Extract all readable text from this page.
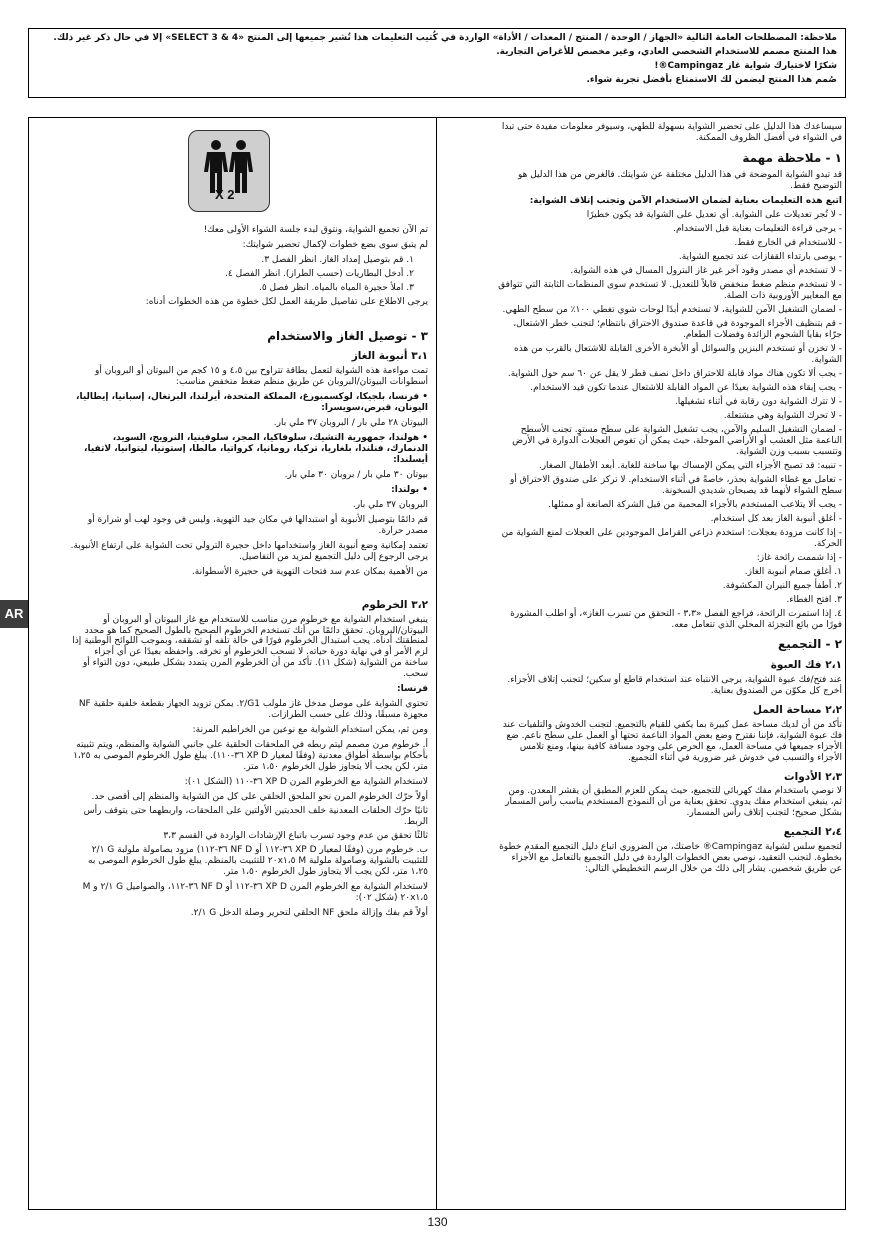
ملاحظة: المصطلحات العامة التالية «الجهاز / الوحدة / المنتج / المعدات / الأداة» الواردة في كُتيب التعليمات هذا تُشير جميعها إلى المنتج «SELECT 3 & 4» إلا في حال ذكر غير ذلك.

هذا المنتج مصمم للاستخدام الشخصي العادي، وغير مخصص للأغراض التجارية.

شكرًا لاختيارك شواية غاز Campingaz®!

صُمم هذا المنتج ليضمن لك الاستمتاع بأفضل تجربة شواء.

سيساعدك هذا الدليل على تحضير الشواية بسهولة للطهي، وسيوفر معلومات مفيدة حتى تبدأ في الشواء في أفضل الظروف الممكنة.

١ - ملاحظة مهمة

قد تبدو الشواية الموضحة في هذا الدليل مختلفة عن شوايتك. فالغرض من هذا الدليل هو التوضيح فقط.

اتبع هذه التعليمات بعناية لضمان الاستخدام الآمن وتجنب إتلاف الشواية:

- لا تُجر تعديلات على الشواية. أي تعديل على الشواية قد يكون خطيرًا

- يرجى قراءة التعليمات بعناية قبل الاستخدام.

- للاستخدام في الخارج فقط.

- يوصى بارتداء القفازات عند تجميع الشواية.

- لا تستخدم أي مصدر وقود آخر غير غاز البترول المسال في هذه الشواية.

- لا تستخدم منظم ضغط منخفض قابلاً للتعديل. لا تستخدم سوى المنظمات الثابتة التي تتوافق مع المعايير الأوروبية ذات الصلة.

- لضمان التشغيل الآمن للشواية، لا تستخدم أبدًا لوحات شوي تغطي ١٠٠٪ من سطح الطهي.

- قم بتنظيف الأجزاء الموجودة في قاعدة صندوق الاحتراق بانتظام؛ لتجنب خطر الاشتعال، جرّاء بقايا الشحوم الزائدة وفضلات الطعام.

- لا تخزن أو تستخدم البنزين والسوائل أو الأبخرة الأخرى القابلة للاشتعال بالقرب من هذه الشواية.

- يجب ألا تكون هناك مواد قابلة للاحتراق داخل نصف قطر لا يقل عن ٦٠ سم حول الشواية.

- يجب إبقاء هذه الشواية بعيدًا عن المواد القابلة للاشتعال عندما تكون قيد الاستخدام.

- لا تترك الشواية دون رقابة في أثناء تشغيلها.

- لا تحرك الشواية وهي مشتعلة.

- لضمان التشغيل السليم والآمن، يجب تشغيل الشواية على سطح مستوٍ. تجنب الأسطح الناعمة مثل العشب أو الأراضي الموحلة، حيث يمكن أن تغوص العجلات الدوارة في الأرض وتتسبب بسبب وزن الشواية.

- تنبيه: قد تصبح الأجزاء التي يمكن الإمساك بها ساخنة للغاية. أبعد الأطفال الصغار.

- تعامل مع غطاء الشواية بحذر، خاصةً في أثناء الاستخدام. لا تركز على صندوق الاحتراق أو سطح الشواء لأنهما قد يصبحان شديدي السخونة.

- يجب ألا يتلاعب المستخدم بالأجزاء المحمية من قبل الشركة الصانعة أو ممثلها.

- أغلق أنبوبة الغاز بعد كل استخدام.

- إذا كانت مزودة بعجلات: استخدم ذراعي القرامل الموجودين على العجلات لمنع الشواية من الحركة.

- إذا شممت رائحة غاز:

١. أغلق صمام أنبوبة الغاز.

٢. أطفأ جميع النيران المكشوفة.

٣. افتح الغطاء.

٤. إذا استمرت الرائحة، فراجع الفصل «٣،٣ - التحقق من تسرب الغاز»، أو اطلب المشورة فورًا من بائع التجزئة المحلي الذي تتعامل معه.

٢ - التجميع

٢،١ فك العبوة

عند فتح/فك عبوة الشواية، يرجى الانتباه عند استخدام قاطع أو سكين؛ لتجنب إتلاف الأجزاء. أخرج كل مكوّن من الصندوق بعناية.

٢،٢ مساحة العمل

تأكد من أن لديك مساحة عمل كبيرة بما يكفي للقيام بالتجميع. لتجنب الخدوش والتلفيات عند فك عبوة الشواية، فإننا نقترح وضع بعض المواد الناعمة تحتها أو العمل على سطح ناعم. ضع الأجزاء جميعها في مساحة العمل، مع الحرص على وجود مسافة كافية بينها، ومنع تلامس الأجزاء والتسبب في خدوش غير ضرورية في أثناء التجميع.

٢،٣ الأدوات

لا نوصي باستخدام مفك كهربائي للتجميع، حيث يمكن للعزم المطبق أن يقشر المعدن. ومن ثم، ينبغي استخدام مفك يدوي. تحقق بعناية من أن النموذج المستخدم يناسب رأس المسمار بشكل صحيح؛ لتجنب إتلاف رأس المسمار.

٢،٤ التجميع

لتجميع سلس لشواية Campingaz® خاصتك، من الضروري اتباع دليل التجميع المقدم خطوة بخطوة. لتجنب التعقيد، نوصي بعض الخطوات الواردة في دليل التجميع بالتعامل مع الأجزاء عن طريق شخصين. يشار إلى ذلك من خلال الرسم التخطيطي التالي:

X 2

تم الآن تجميع الشواية، ونتوق لبدء جلسة الشواء الأولى معك!

لم يتبق سوى بضع خطوات لإكمال تحضير شوايتك:

١. قم بتوصيل إمداد الغاز. انظر الفصل ٣.

٢. أدخل البطاريات (حسب الطراز). انظر الفصل ٤.

٣. املأ حجيرة المياه بالمياه. انظر فصل ٥.

يرجى الاطلاع على تفاصيل طريقة العمل لكل خطوة من هذه الخطوات أدناه:

٣ - توصيل الغاز والاستخدام

٣،١ أنبوبة الغاز

تمت مواءمة هذه الشواية لتعمل بطاقة تتراوح بين ٤،٥ و ١٥ كجم من البيوتان أو البروبان أو أسطوانات البيوتان/البروبان عن طريق منظم ضغط منخفض مناسب:

• فرنسا، بلجيكا، لوكسمبورغ، المملكة المتحدة، أيرلندا، البرتغال، إسبانيا، إيطاليا، اليونان، قبرص،سويسرا:

البيوتان ٢٨ ملي بار / البروبان ٣٧ ملي بار.

• هولندا، جمهورية التشيك، سلوفاكيا، المجر، سلوفينيا، النرويج، السويد، الدنمارك، فنلندا، بلغاريا، تركيا، رومانيا، كرواتيا، مالطا، إستونيا، ليتوانيا، لاتفيا، أيسلندا:

بيوتان ٣٠ ملي بار / بروبان ٣٠ ملي بار.

• بولندا:

البروبان ٣٧ ملي بار.

قم دائمًا بتوصيل الأنبوبة أو استبدالها في مكان جيد التهوية، وليس في وجود لهب أو شرارة أو مصدر حرارة.

تعتمد إمكانية وضع أنبوبة الغاز واستخدامها داخل حجيرة الترولي تحت الشواية على ارتفاع الأنبوبة. يرجى الرجوع إلى دليل التجميع لمزيد من التفاصيل.

من الأهمية بمكان عدم سد فتحات التهوية في حجيرة الأسطوانة.

٣،٢ الخرطوم

ينبغي استخدام الشواية مع خرطوم مرن مناسب للاستخدام مع غاز البيوتان أو البروبان أو البيوتان/البروبان. تحقق دائمًا من أنك تستخدم الخرطوم الصحيح بالطول الصحيح كما هو محدد لمنطقتك أدناه. يجب استبدال الخرطوم فورًا في حالة تلفه أو تشققه، وبموجب اللوائح الوطنية إذا لزم الأمر أو في نهاية دورة حياته. لا تسحب الخرطوم أو تخرقه. واحفظه بعيدًا عن أي أجزاء ساخنة من الشواية (شكل ١١). تأكد من أن الخرطوم المرن يتمدد بشكل طبيعي، دون التواء أو سحب.

فرنسا:

تحتوي الشواية على موصل مدخل غاز ملولب G1/٢. يمكن تزويد الجهاز بقطعة خلفية حلقية NF مجهزة مسبقًا، وذلك على حسب الطرازات.

ومن ثم، يمكن استخدام الشواية مع نوعين من الخراطيم المرنة:

أ. خرطوم مرن مصمم ليتم ربطه في الملحقات الحلقية على جانبي الشواية والمنظم، ويتم تثبيته بأحكام بواسطة أطواق معدنية (وفقًا لمعيار XP D ٣٦-١١٠). يبلغ طول الخرطوم الموصى به ١،٢٥ متر، لكن يجب ألا يتجاوز طول الخرطوم ١،٥٠ متر.

لاستخدام الشواية مع الخرطوم المرن XP D ٣٦-١١٠ (الشكل ٠١):

أولاً حرّك الخرطوم المرن نحو الملحق الحلقي على كل من الشواية والمنظم إلى أقصى حد.

ثانيًا حرّك الحلقات المعدنية خلف الحديتين الأولتين على الملحقات، واربطهما حتى يتوقف رأس الربط.

ثالثًا تحقق من عدم وجود تسرب باتباع الإرشادات الواردة في القسم ٣،٣

ب. خرطوم مرن (وفقًا لمعيار XP D ٣٦-١١٢ أو NF D ٣٦-١١٢) مزود بصامولة ملولبة G ٢/١ للتثبيت بالشواية وصامولة ملولبة M ٢٠x١،٥ للتثبيت بالمنظم. يبلغ طول الخرطوم الموصى به ١،٢٥ متر، لكن يجب ألا يتجاوز طول الخرطوم ١،٥٠ متر.

لاستخدام الشواية مع الخرطوم المرن XP D ٣٦-١١٢ أو NF D ٣٦-١١٢، والصواميل G ٢/١ و M ٢٠x١،٥ (شكل ٠٢):

أولاً قم بفك وإزالة ملحق NF الحلقي لتحرير وصلة الدخل G ٢/١.

AR
130
